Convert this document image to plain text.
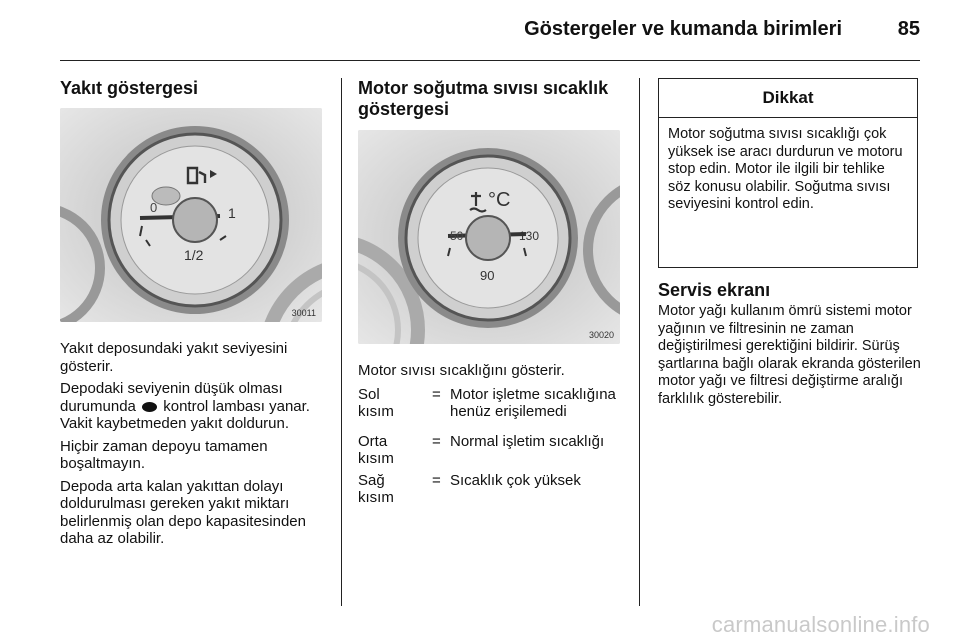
Göstergeler ve kumanda birimleri	85
Yakıt göstergesi
0	1
1/2
30011

Yakıt deposundaki yakıt seviyesini gösterir.

Depodaki seviyenin düşük olması durumunda kontrol lambası yanar. Vakit kaybetmeden yakıt doldurun.

Hiçbir zaman depoyu tamamen boşaltmayın.

Depoda arta kalan yakıttan dolayı doldurulması gereken yakıt miktarı belirlenmiş olan depo kapasitesinden daha az olabilir.

Motor soğutma sıvısı sıcaklık göstergesi
°C
50	130
90
30020

Motor sıvısı sıcaklığını gösterir.

Sol kısım
= Motor işletme sıcaklığına henüz erişilemedi
Orta kısım
= Normal işletim sıcaklığı
Sağ kısım
= Sıcaklık çok yüksek
Dikkat
Motor soğutma sıvısı sıcaklığı çok yüksek ise aracı durdurun ve motoru stop edin. Motor ile ilgili bir tehlike söz konusu olabilir. Soğutma sıvısı seviyesini kontrol edin.
Servis ekranı

Motor yağı kullanım ömrü sistemi motor yağının ve filtresinin ne zaman değiştirilmesi gerektiğini bildirir. Sürüş şartlarına bağlı olarak ekranda gösterilen motor yağı ve filtresi değiştirme aralığı farklılık gösterebilir.

carmanualsonline.info
